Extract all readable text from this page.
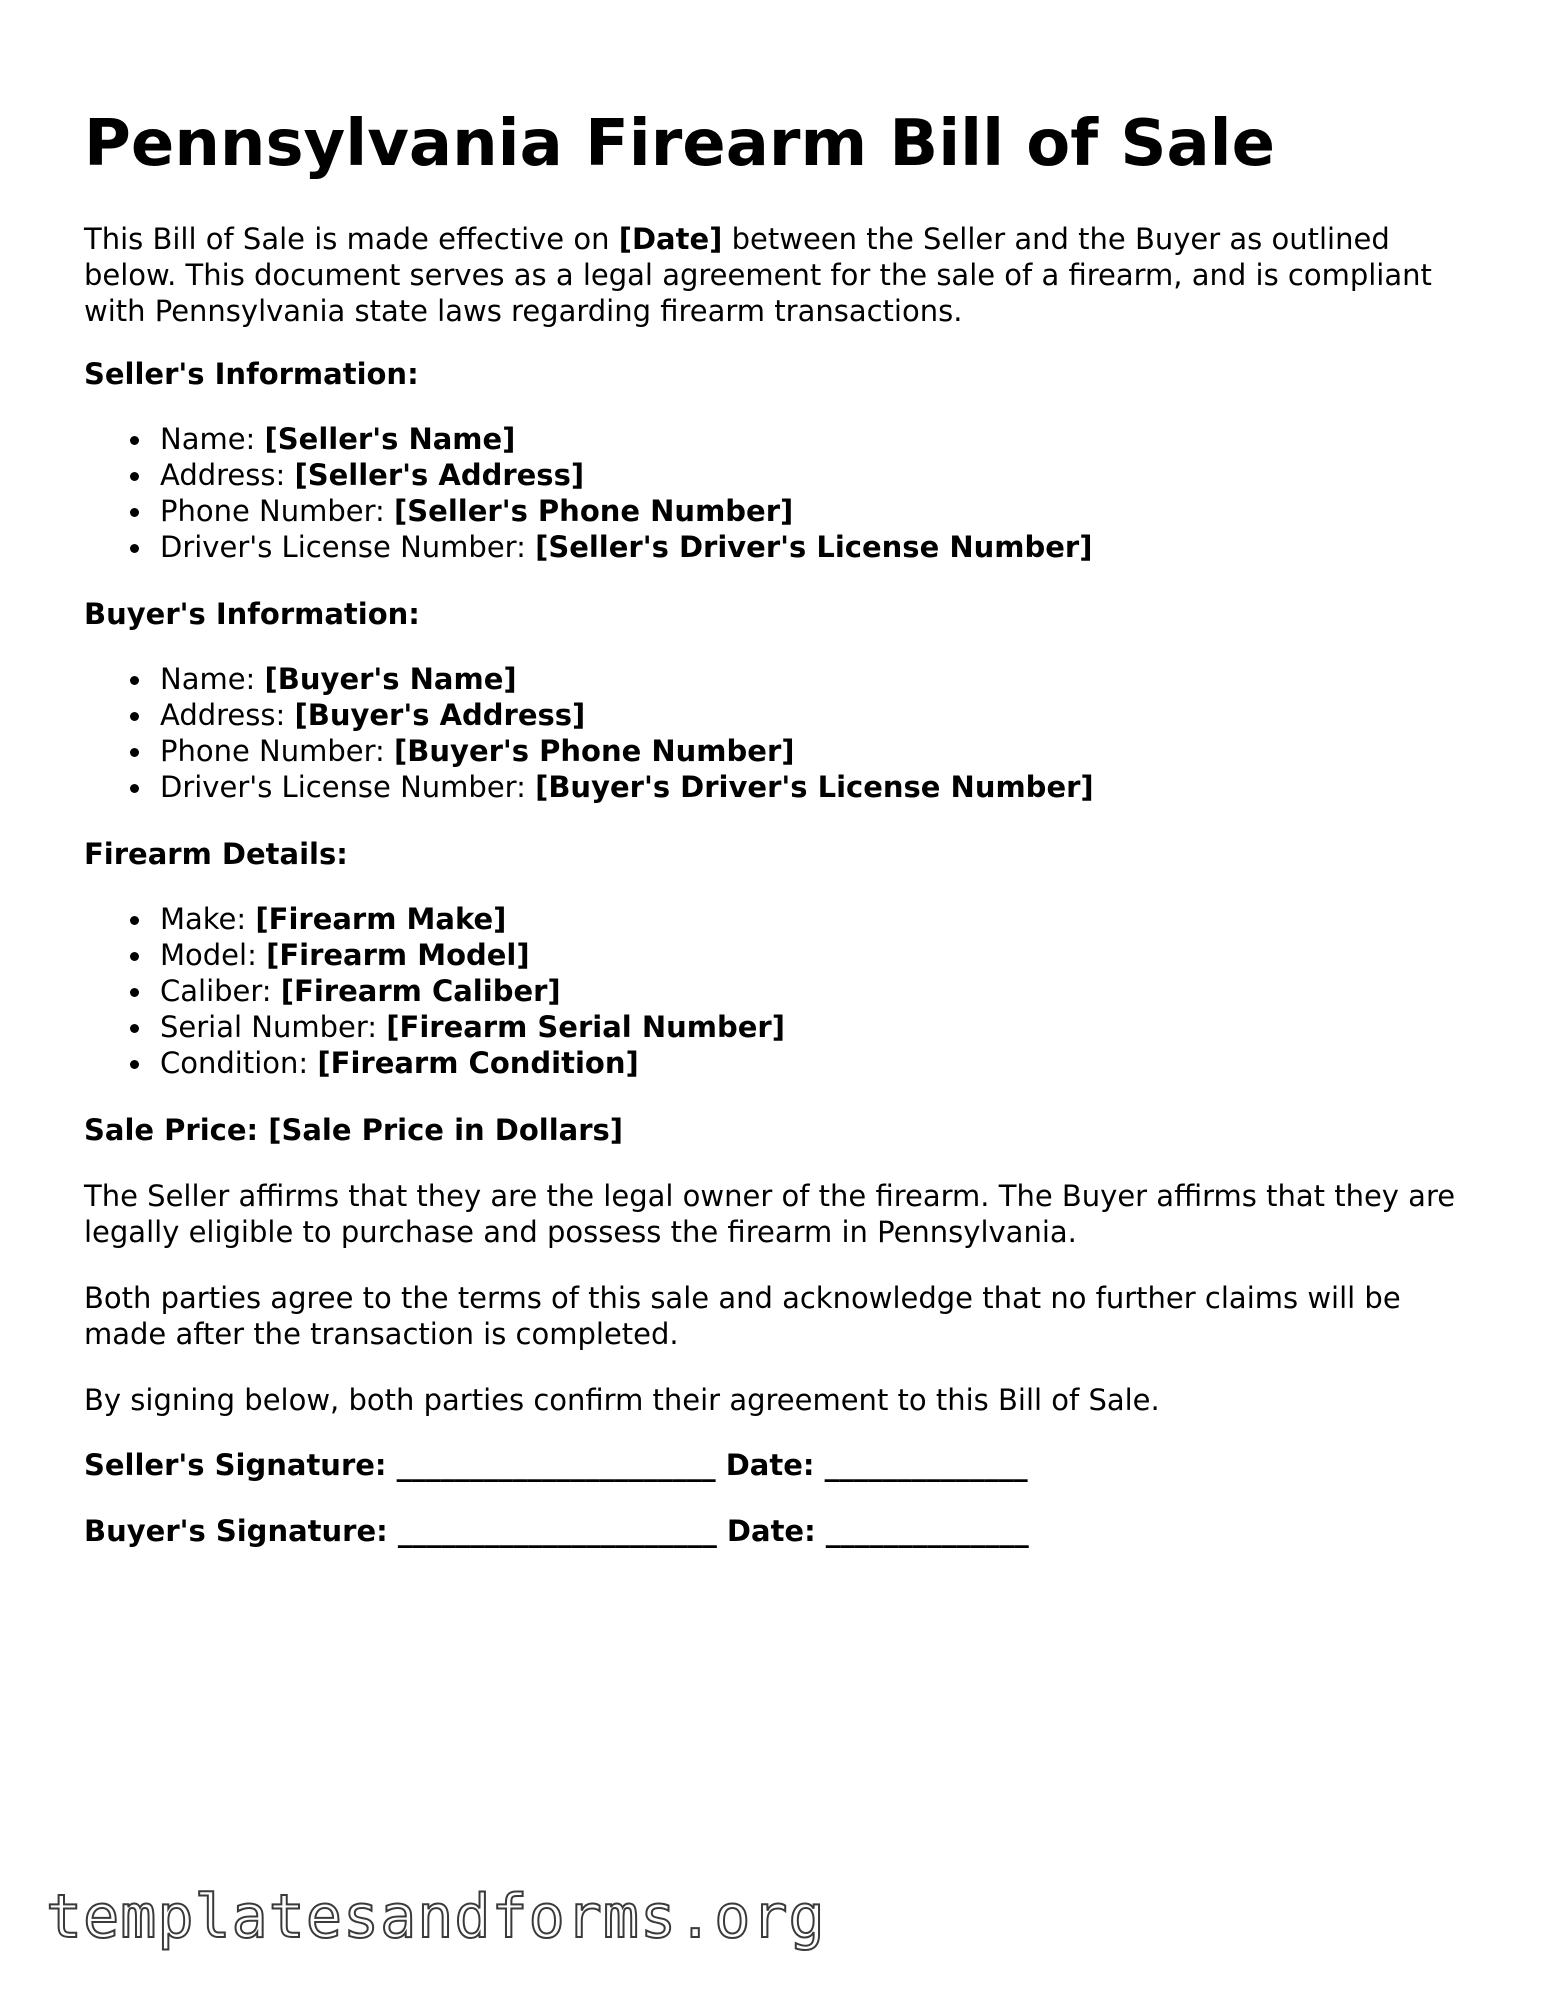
Pennsylvania Firearm Bill of Sale

This Bill of Sale is made effective on [Date] between the Seller and the Buyer as outlined below. This document serves as a legal agreement for the sale of a firearm, and is compliant with Pennsylvania state laws regarding firearm transactions.

Seller's Information:

Name: [Seller's Name]
Address: [Seller's Address]
Phone Number: [Seller's Phone Number]
Driver's License Number: [Seller's Driver's License Number]

Buyer's Information:

Name: [Buyer's Name]
Address: [Buyer's Address]
Phone Number: [Buyer's Phone Number]
Driver's License Number: [Buyer's Driver's License Number]

Firearm Details:

Make: [Firearm Make]
Model: [Firearm Model]
Caliber: [Firearm Caliber]
Serial Number: [Firearm Serial Number]
Condition: [Firearm Condition]

Sale Price: [Sale Price in Dollars]

The Seller affirms that they are the legal owner of the firearm. The Buyer affirms that they are legally eligible to purchase and possess the firearm in Pennsylvania.

Both parties agree to the terms of this sale and acknowledge that no further claims will be made after the transaction is completed.

By signing below, both parties confirm their agreement to this Bill of Sale.

Seller's Signature: ______________________ Date: ______________
Buyer's Signature: ______________________ Date: ______________
templatesandforms.org
